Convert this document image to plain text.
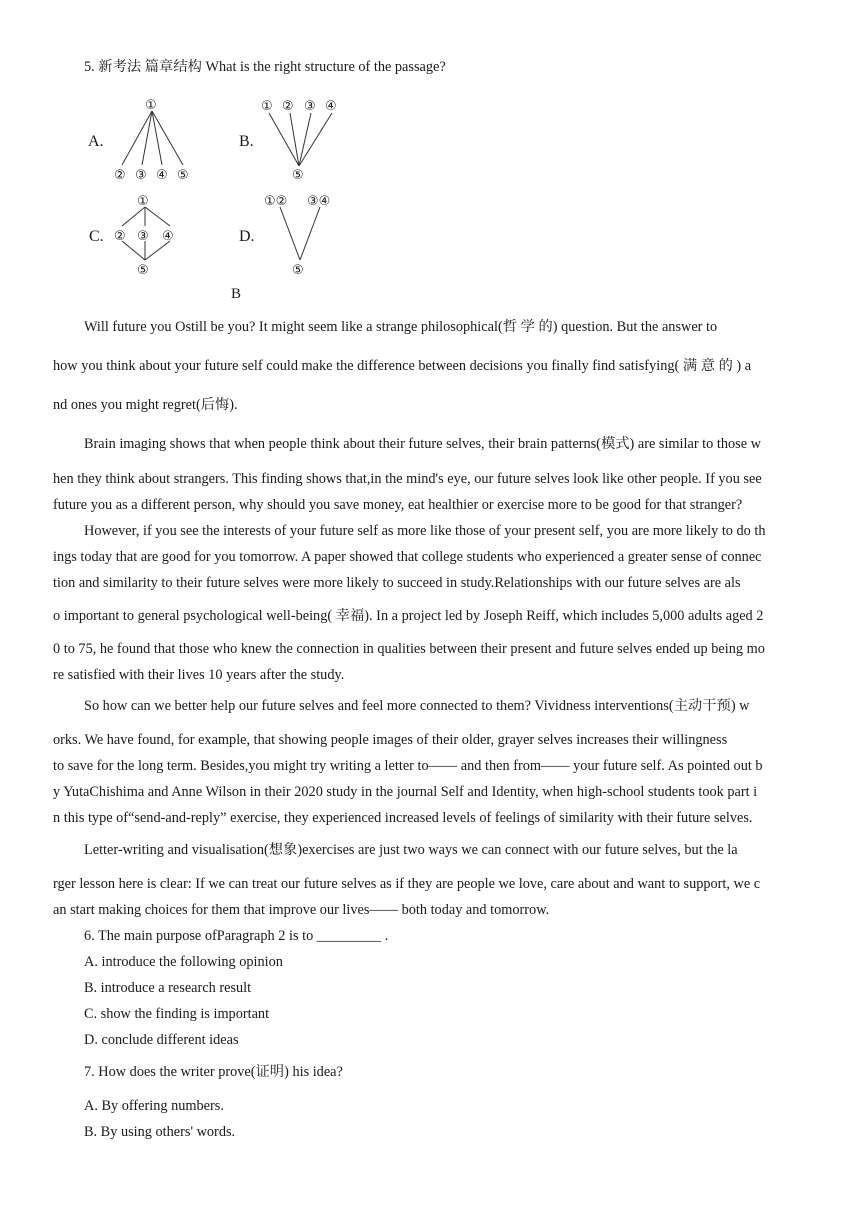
5. 新考法 篇章结构 What is the right structure of the passage?
A.	B.
C.	D.
①
② ③ ④ ⑤
① ② ③ ④
⑤
①
② ③ ④
⑤
①② ③④
⑤
B
Will future you Ostill be you? It might seem like a strange philosophical(哲 学 的) question. But the answer to
how you think about your future self could make the difference between decisions you finally find satisfying( 满 意 的 ) a
nd ones you might regret(后悔).
Brain imaging shows that when people think about their future selves, their brain patterns(模式) are similar to those w
hen they think about strangers. This finding shows that,in the mind's eye, our future selves look like other people. If you see
future you as a different person, why should you save money, eat healthier or exercise more to be good for that stranger?
However, if you see the interests of your future self as more like those of your present self, you are more likely to do th
ings today that are good for you tomorrow. A paper showed that college students who experienced a greater sense of connec
tion and similarity to their future selves were more likely to succeed in study.Relationships with our future selves are als
o important to general psychological well-being( 幸福). In a project led by Joseph Reiff, which includes 5,000 adults aged 2
0 to 75, he found that those who knew the connection in qualities between their present and future selves ended up being mo
re satisfied with their lives 10 years after the study.
So how can we better help our future selves and feel more connected to them? Vividness interventions(主动干预) w
orks. We have found, for example, that showing people images of their older, grayer selves increases their willingness
to save for the long term. Besides,you might try writing a letter to—— and then from—— your future self. As pointed out b
y YutaChishima and Anne Wilson in their 2020 study in the journal Self and Identity, when high-school students took part i
n this type of“send-and-reply” exercise, they experienced increased levels of feelings of similarity with their future selves.
Letter-writing and visualisation(想象)exercises are just two ways we can connect with our future selves, but the la
rger lesson here is clear: If we can treat our future selves as if they are people we love, care about and want to support, we c
an start making choices for them that improve our lives—— both today and tomorrow.
6. The main purpose ofParagraph 2 is to _________ .
A. introduce the following opinion
B. introduce a research result
C. show the finding is important
D. conclude different ideas
7. How does the writer prove(证明) his idea?
A. By offering numbers.
B. By using others' words.
